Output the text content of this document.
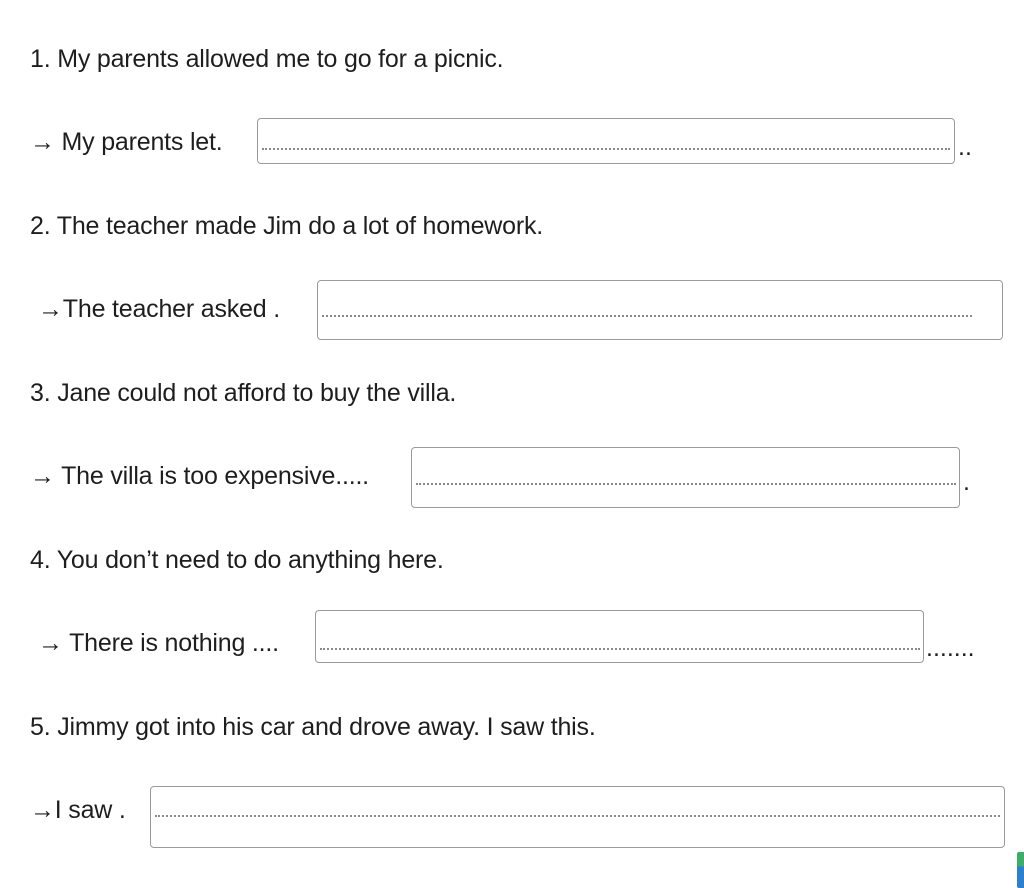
1. My parents allowed me to go for a picnic.
→ My parents let.	..
2. The teacher made Jim do a lot of homework.
→The teacher asked .
3. Jane could not afford to buy the villa.
→ The villa is too expensive.....	.
4. You don’t need to do anything here.
→ There is nothing ....	.......
5. Jimmy got into his car and drove away. I saw this.
→I saw .
